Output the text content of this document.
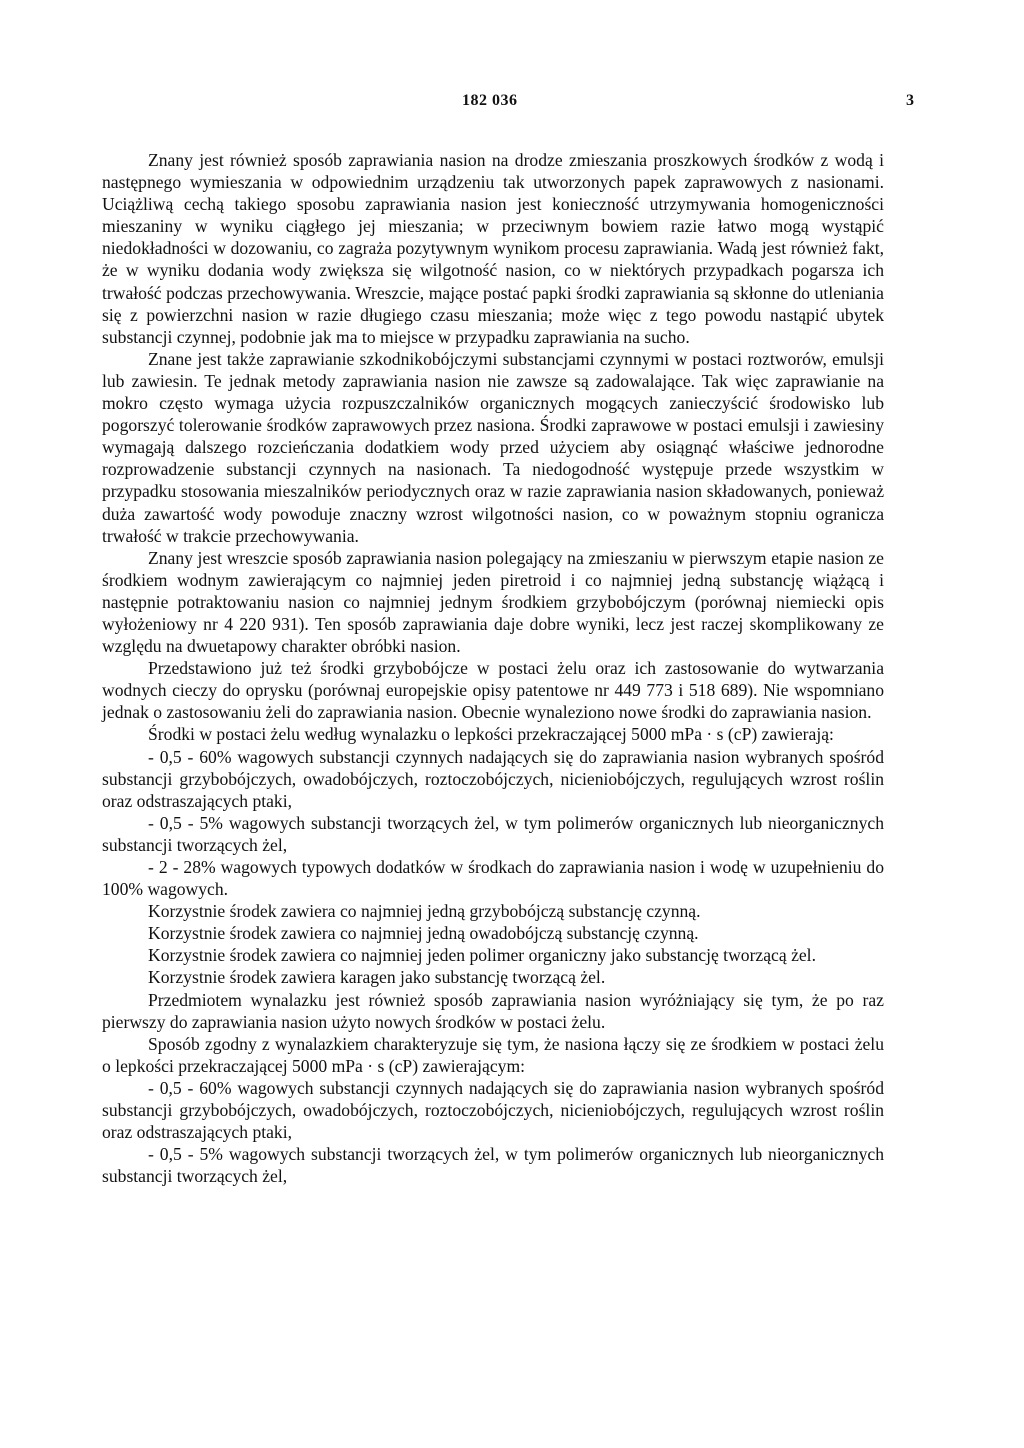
182 036	3

Znany jest również sposób zaprawiania nasion na drodze zmieszania proszkowych środków z wodą i następnego wymieszania w odpowiednim urządzeniu tak utworzonych papek zaprawowych z nasionami. Uciążliwą cechą takiego sposobu zaprawiania nasion jest konieczność utrzymywania homogeniczności mieszaniny w wyniku ciągłego jej mieszania; w przeciwnym bowiem razie łatwo mogą wystąpić niedokładności w dozowaniu, co zagraża pozytywnym wynikom procesu zaprawiania. Wadą jest również fakt, że w wyniku dodania wody zwiększa się wilgotność nasion, co w niektórych przypadkach pogarsza ich trwałość podczas przechowywania. Wreszcie, mające postać papki środki zaprawiania są skłonne do utleniania się z powierzchni nasion w razie długiego czasu mieszania; może więc z tego powodu nastąpić ubytek substancji czynnej, podobnie jak ma to miejsce w przypadku zaprawiania na sucho.

Znane jest także zaprawianie szkodnikobójczymi substancjami czynnymi w postaci roztworów, emulsji lub zawiesin. Te jednak metody zaprawiania nasion nie zawsze są zadowalające. Tak więc zaprawianie na mokro często wymaga użycia rozpuszczalników organicznych mogących zanieczyścić środowisko lub pogorszyć tolerowanie środków zaprawowych przez nasiona. Środki zaprawowe w postaci emulsji i zawiesiny wymagają dalszego rozcieńczania dodatkiem wody przed użyciem aby osiągnąć właściwe jednorodne rozprowadzenie substancji czynnych na nasionach. Ta niedogodność występuje przede wszystkim w przypadku stosowania mieszalników periodycznych oraz w razie zaprawiania nasion składowanych, ponieważ duża zawartość wody powoduje znaczny wzrost wilgotności nasion, co w poważnym stopniu ogranicza trwałość w trakcie przechowywania.

Znany jest wreszcie sposób zaprawiania nasion polegający na zmieszaniu w pierwszym etapie nasion ze środkiem wodnym zawierającym co najmniej jeden piretroid i co najmniej jedną substancję wiążącą i następnie potraktowaniu nasion co najmniej jednym środkiem grzybobójczym (porównaj niemiecki opis wyłożeniowy nr 4 220 931). Ten sposób zaprawiania daje dobre wyniki, lecz jest raczej skomplikowany ze względu na dwuetapowy charakter obróbki nasion.

Przedstawiono już też środki grzybobójcze w postaci żelu oraz ich zastosowanie do wytwarzania wodnych cieczy do oprysku (porównaj europejskie opisy patentowe nr 449 773 i 518 689). Nie wspomniano jednak o zastosowaniu żeli do zaprawiania nasion. Obecnie wynaleziono nowe środki do zaprawiania nasion.

Środki w postaci żelu według wynalazku o lepkości przekraczającej 5000 mPa · s (cP) zawierają:

- 0,5 - 60% wagowych substancji czynnych nadających się do zaprawiania nasion wybranych spośród substancji grzybobójczych, owadobójczych, roztoczobójczych, nicieniobójczych, regulujących wzrost roślin oraz odstraszających ptaki,

- 0,5 - 5% wagowych substancji tworzących żel, w tym polimerów organicznych lub nieorganicznych substancji tworzących żel,

- 2 - 28% wagowych typowych dodatków w środkach do zaprawiania nasion i wodę w uzupełnieniu do 100% wagowych.

Korzystnie środek zawiera co najmniej jedną grzybobójczą substancję czynną.

Korzystnie środek zawiera co najmniej jedną owadobójczą substancję czynną.

Korzystnie środek zawiera co najmniej jeden polimer organiczny jako substancję tworzącą żel.

Korzystnie środek zawiera karagen jako substancję tworzącą żel.

Przedmiotem wynalazku jest również sposób zaprawiania nasion wyróżniający się tym, że po raz pierwszy do zaprawiania nasion użyto nowych środków w postaci żelu.

Sposób zgodny z wynalazkiem charakteryzuje się tym, że nasiona łączy się ze środkiem w postaci żelu o lepkości przekraczającej 5000 mPa · s (cP) zawierającym:

- 0,5 - 60% wagowych substancji czynnych nadających się do zaprawiania nasion wybranych spośród substancji grzybobójczych, owadobójczych, roztoczobójczych, nicieniobójczych, regulujących wzrost roślin oraz odstraszających ptaki,

- 0,5 - 5% wagowych substancji tworzących żel, w tym polimerów organicznych lub nieorganicznych substancji tworzących żel,
